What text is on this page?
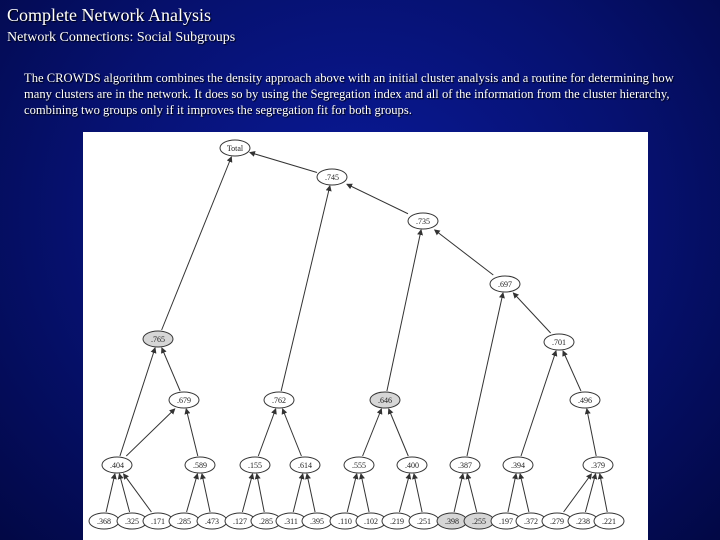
Complete Network Analysis
Network Connections: Social Subgroups

The CROWDS algorithm combines the density approach above with an initial cluster analysis and a routine for determining how many clusters are in the network. It does so by using the Segregation index and all of the information from the cluster hierarchy, combining two groups only if it improves the segregation fit for both groups.

Total
.745
.735
.697
.765	.701
.679	.762	.646	.496
.404	.589	.155	.614	.555	.400	.387	.394	.379
.368 .325 .171 .285 .473 .127 .285 .311 .395 .110 .102 .219 .251 .398 .255 .197 .372 .279 .238 .221
